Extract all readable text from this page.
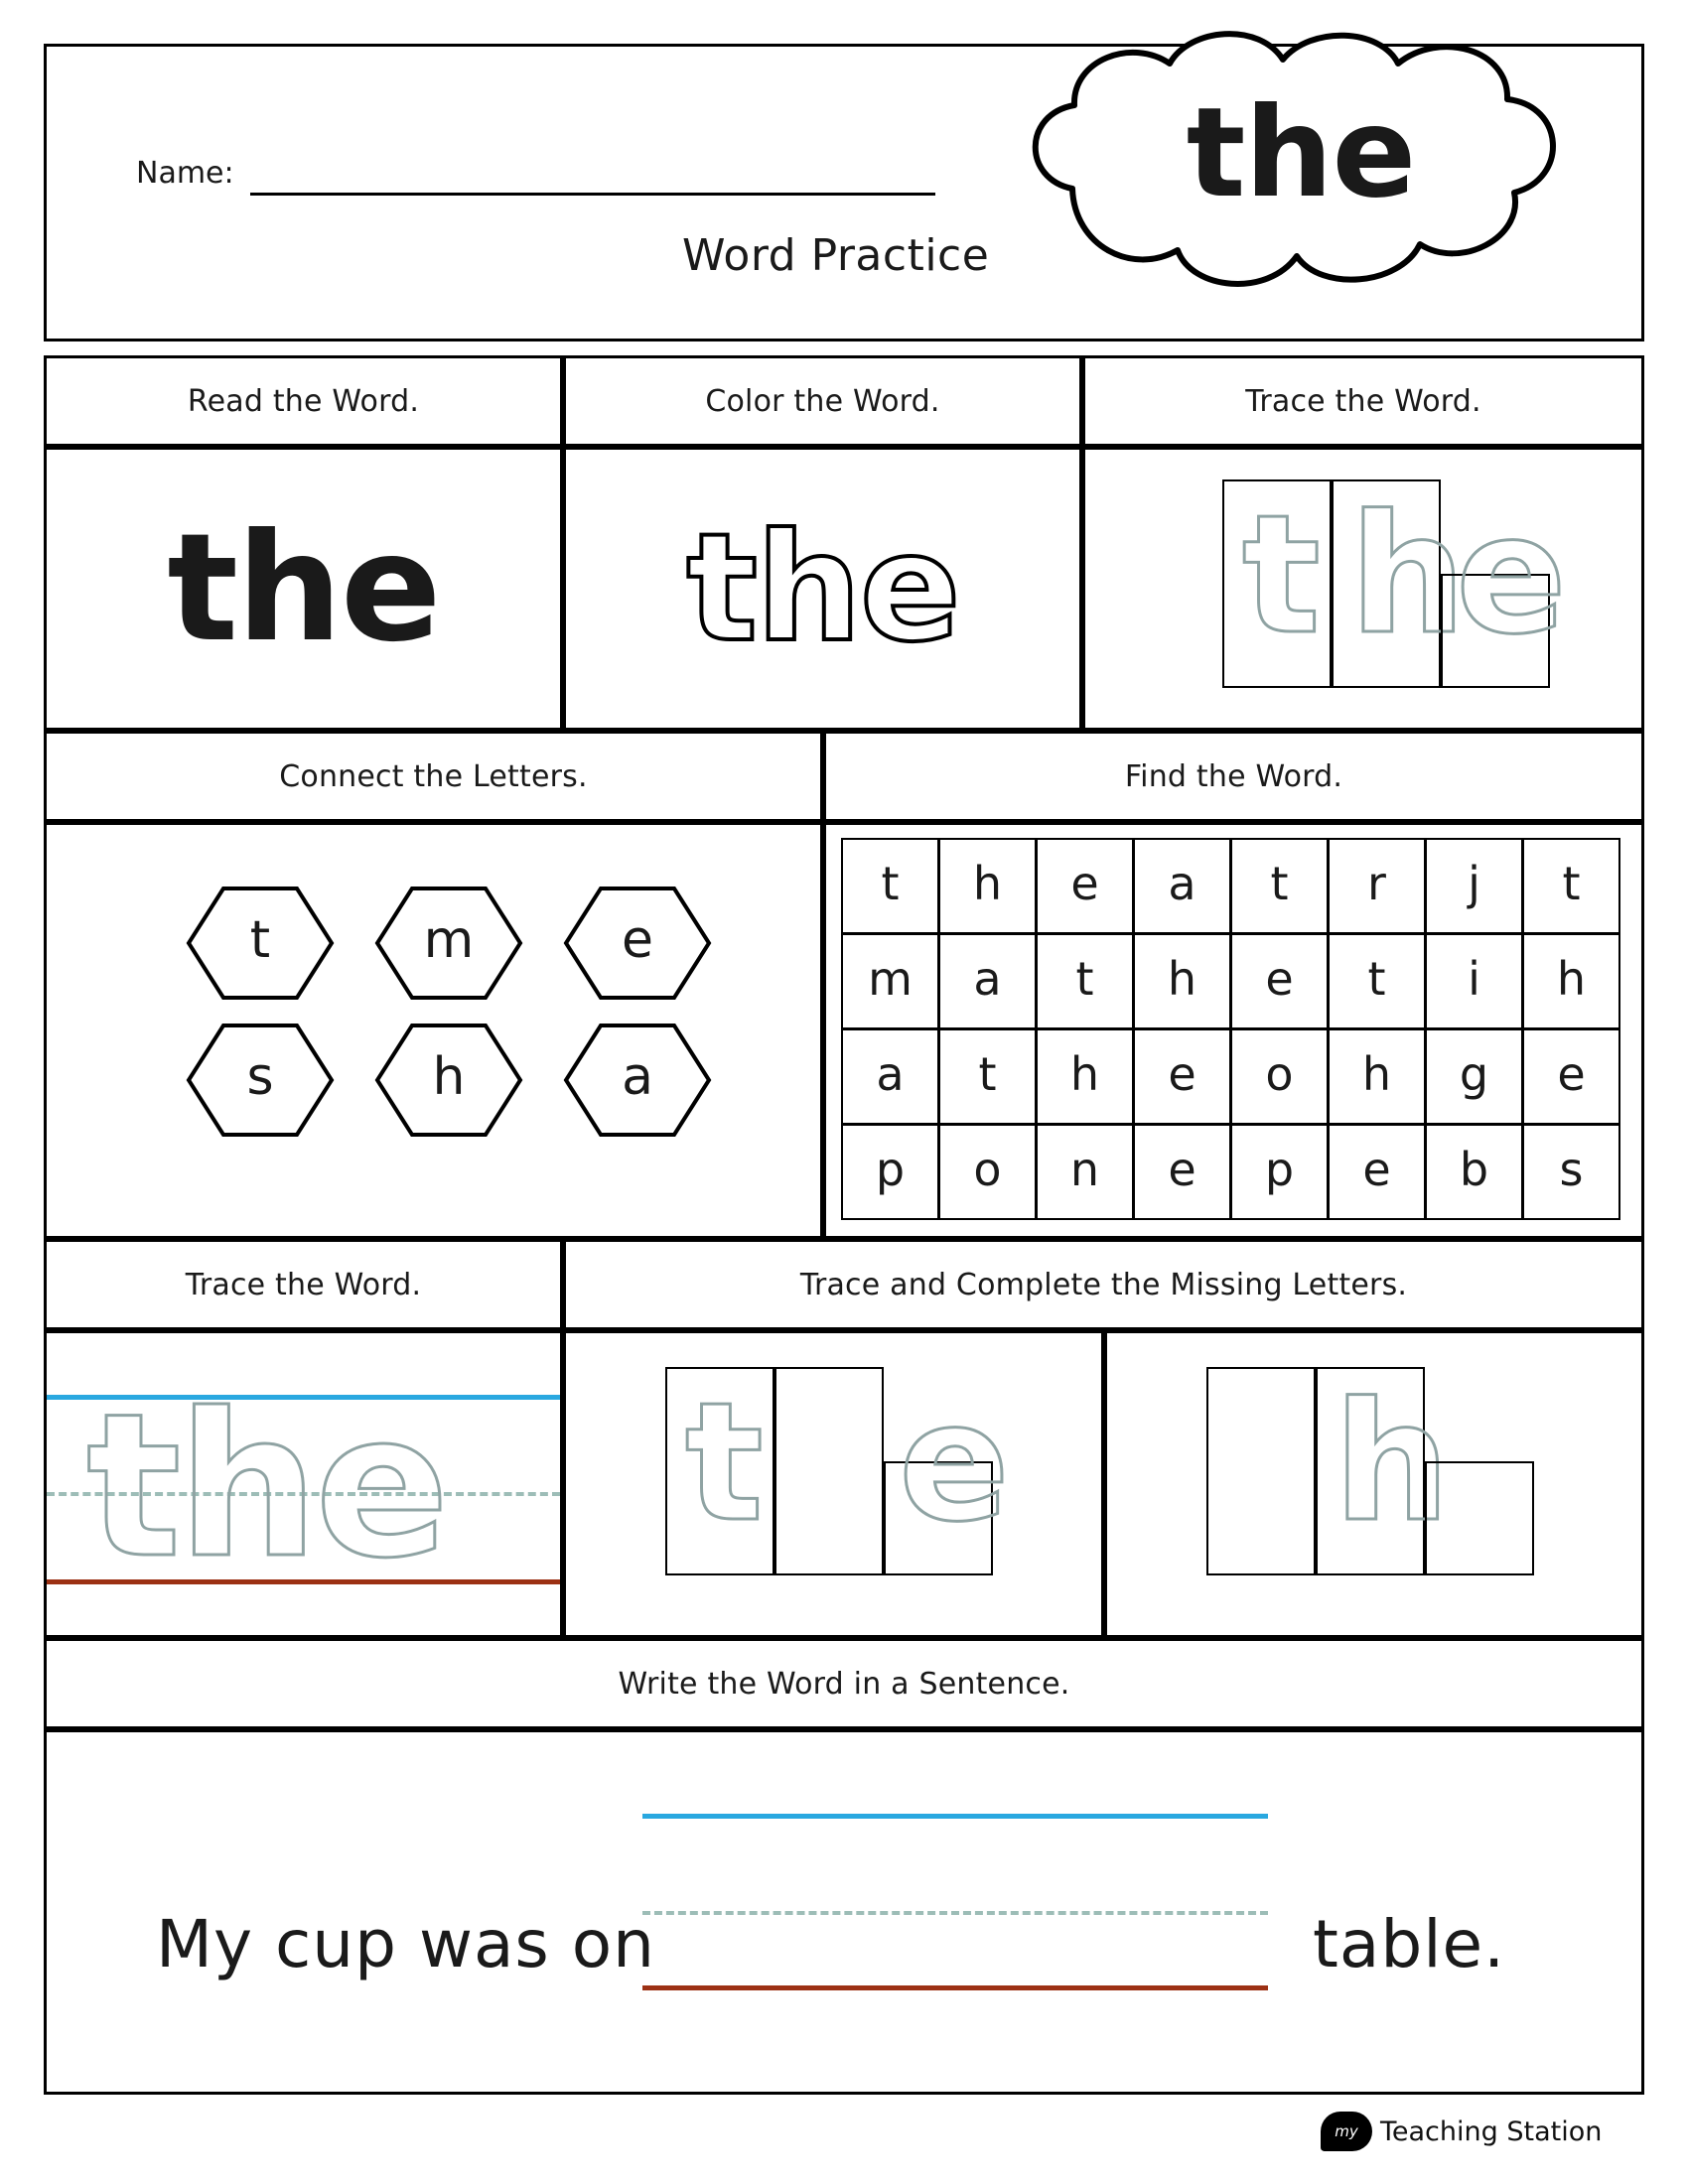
Name:
Word Practice
the
Read the Word.
the
Color the Word.
the
Trace the Word.
t h
e
Connect the Letters.
t	m	e
s	h	a
Find the Word.
t	h	e	a	t	r	j	t
m	a	t	h	e	t	i	h
a	t	h	e	o	h	g	e
p	o	n	e	p	e	b	s
Trace the Word.
the
Trace and Complete the Missing Letters.
t e h
Write the Word in a Sentence.
My cup was on	table.
my Teaching Station
